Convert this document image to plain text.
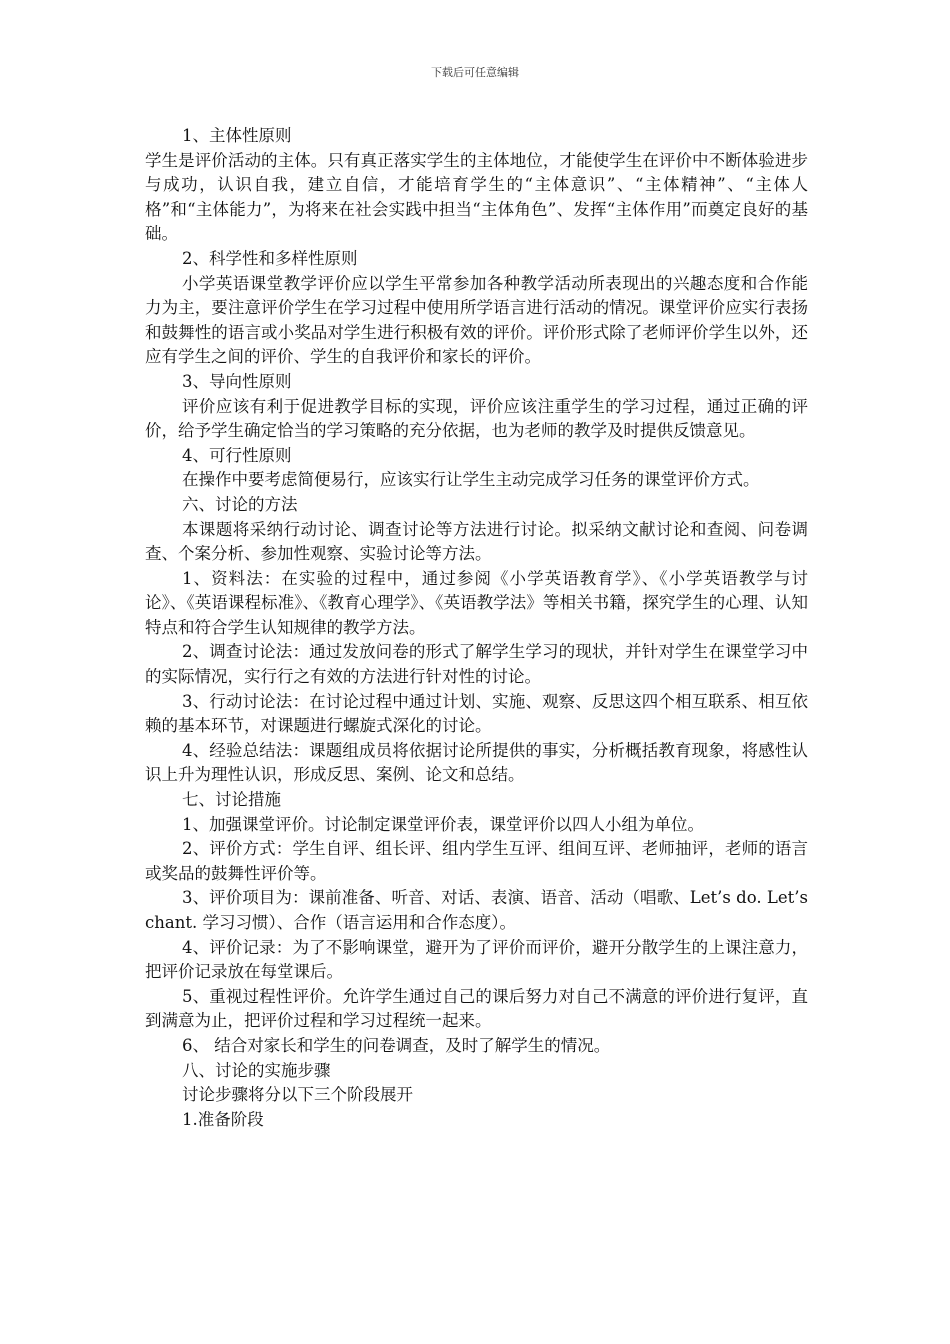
下载后可任意编辑

1、主体性原则

学生是评价活动的主体。只有真正落实学生的主体地位，才能使学生在评价中不断体验进步与成功，认识自我，建立自信，才能培育学生的“主体意识”、“主体精神”、“主体人格”和“主体能力”，为将来在社会实践中担当“主体角色”、发挥“主体作用”而奠定良好的基础。

2、科学性和多样性原则

小学英语课堂教学评价应以学生平常参加各种教学活动所表现出的兴趣态度和合作能力为主，要注意评价学生在学习过程中使用所学语言进行活动的情况。课堂评价应实行表扬和鼓舞性的语言或小奖品对学生进行积极有效的评价。评价形式除了老师评价学生以外，还应有学生之间的评价、学生的自我评价和家长的评价。

3、导向性原则

评价应该有利于促进教学目标的实现，评价应该注重学生的学习过程，通过正确的评价，给予学生确定恰当的学习策略的充分依据，也为老师的教学及时提供反馈意见。

4、可行性原则

在操作中要考虑简便易行，应该实行让学生主动完成学习任务的课堂评价方式。

六、讨论的方法

本课题将采纳行动讨论、调查讨论等方法进行讨论。拟采纳文献讨论和查阅、问卷调查、个案分析、参加性观察、实验讨论等方法。

1、资料法：在实验的过程中，通过参阅《小学英语教育学》、《小学英语教学与讨论》、《英语课程标准》、《教育心理学》、《英语教学法》等相关书籍，探究学生的心理、认知特点和符合学生认知规律的教学方法。

2、调查讨论法：通过发放问卷的形式了解学生学习的现状，并针对学生在课堂学习中的实际情况，实行行之有效的方法进行针对性的讨论。

3、行动讨论法：在讨论过程中通过计划、实施、观察、反思这四个相互联系、相互依赖的基本环节，对课题进行螺旋式深化的讨论。

4、经验总结法：课题组成员将依据讨论所提供的事实，分析概括教育现象，将感性认识上升为理性认识，形成反思、案例、论文和总结。

七、讨论措施

1、加强课堂评价。讨论制定课堂评价表，课堂评价以四人小组为单位。

2、评价方式：学生自评、组长评、组内学生互评、组间互评、老师抽评，老师的语言或奖品的鼓舞性评价等。

3、评价项目为：课前准备、听音、对话、表演、语音、活动（唱歌、Let’s do. Let’s chant. 学习习惯）、合作（语言运用和合作态度）。

4、评价记录：为了不影响课堂，避开为了评价而评价，避开分散学生的上课注意力，把评价记录放在每堂课后。

5、重视过程性评价。允许学生通过自己的课后努力对自己不满意的评价进行复评，直到满意为止，把评价过程和学习过程统一起来。

6、 结合对家长和学生的问卷调查，及时了解学生的情况。

八、讨论的实施步骤

讨论步骤将分以下三个阶段展开

1.准备阶段
